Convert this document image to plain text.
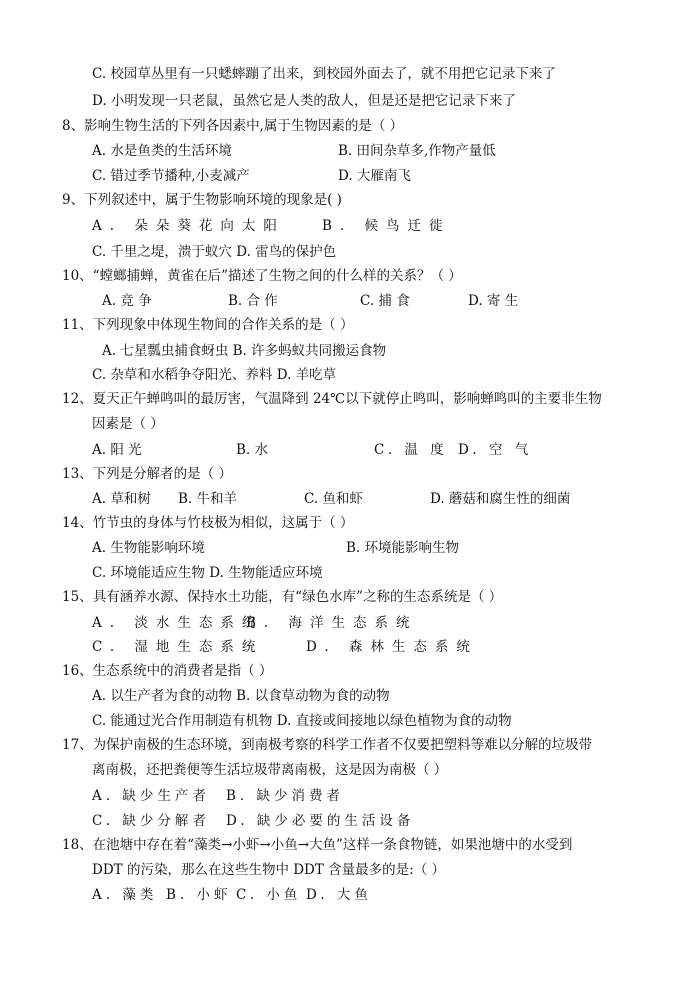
C. 校园草丛里有一只蟋蟀蹦了出来，到校园外面去了，就不用把它记录下来了
D. 小明发现一只老鼠，虽然它是人类的敌人，但是还是把它记录下来了
8、影响生物生活的下列各因素中,属于生物因素的是（ ）
A. 水是鱼类的生活环境	B. 田间杂草多,作物产量低
C. 错过季节播种,小麦减产	D. 大雁南飞
9、下列叙述中，属于生物影响环境的现象是( )
A. 朵朵葵花向太阳	B. 候鸟迁徙
C. 千里之堤，溃于蚁穴 D. 雷鸟的保护色
10、“螳螂捕蝉，黄雀在后”描述了生物之间的什么样的关系？（ ）
A. 竞 争	B. 合 作	C. 捕 食	D. 寄 生
11、下列现象中体现生物间的合作关系的是（ ）
A. 七星瓢虫捕食蚜虫 B. 许多蚂蚁共同搬运食物
C. 杂草和水稻争夺阳光、养料 D. 羊吃草
12、夏天正午蝉鸣叫的最厉害，气温降到 24℃以下就停止鸣叫，影响蝉鸣叫的主要非生物
因素是（ ）
A. 阳 光	B. 水	C. 温 度 D. 空 气
13、下列是分解者的是（ ）
A. 草和树 B. 牛和羊	C. 鱼和虾	D. 蘑菇和腐生性的细菌
14、竹节虫的身体与竹枝极为相似，这属于（ ）
A. 生物能影响环境	B. 环境能影响生物
C. 环境能适应生物 D. 生物能适应环境
15、具有涵养水源、保持水土功能，有“绿色水库”之称的生态系统是（ ）
A. 淡水生态系统
B. 海洋生态系统
C. 湿地生态系统	D. 森林生态系统
16、生态系统中的消费者是指（ ）
A. 以生产者为食的动物 B. 以食草动物为食的动物
C. 能通过光合作用制造有机物 D. 直接或间接地以绿色植物为食的动物
17、为保护南极的生态环境，到南极考察的科学工作者不仅要把塑料等难以分解的垃圾带
离南极，还把粪便等生活垃圾带离南极，这是因为南极（ ）
A. 缺少生产者 B. 缺少消费者
C. 缺少分解者 D. 缺少必要的生活设备
18、在池塘中存在着“藻类→小虾→小鱼→大鱼”这样一条食物链，如果池塘中的水受到
DDT 的污染，那么在这些生物中 DDT 含量最多的是:（ ）
A. 藻类 B. 小虾 C. 小鱼 D. 大鱼
